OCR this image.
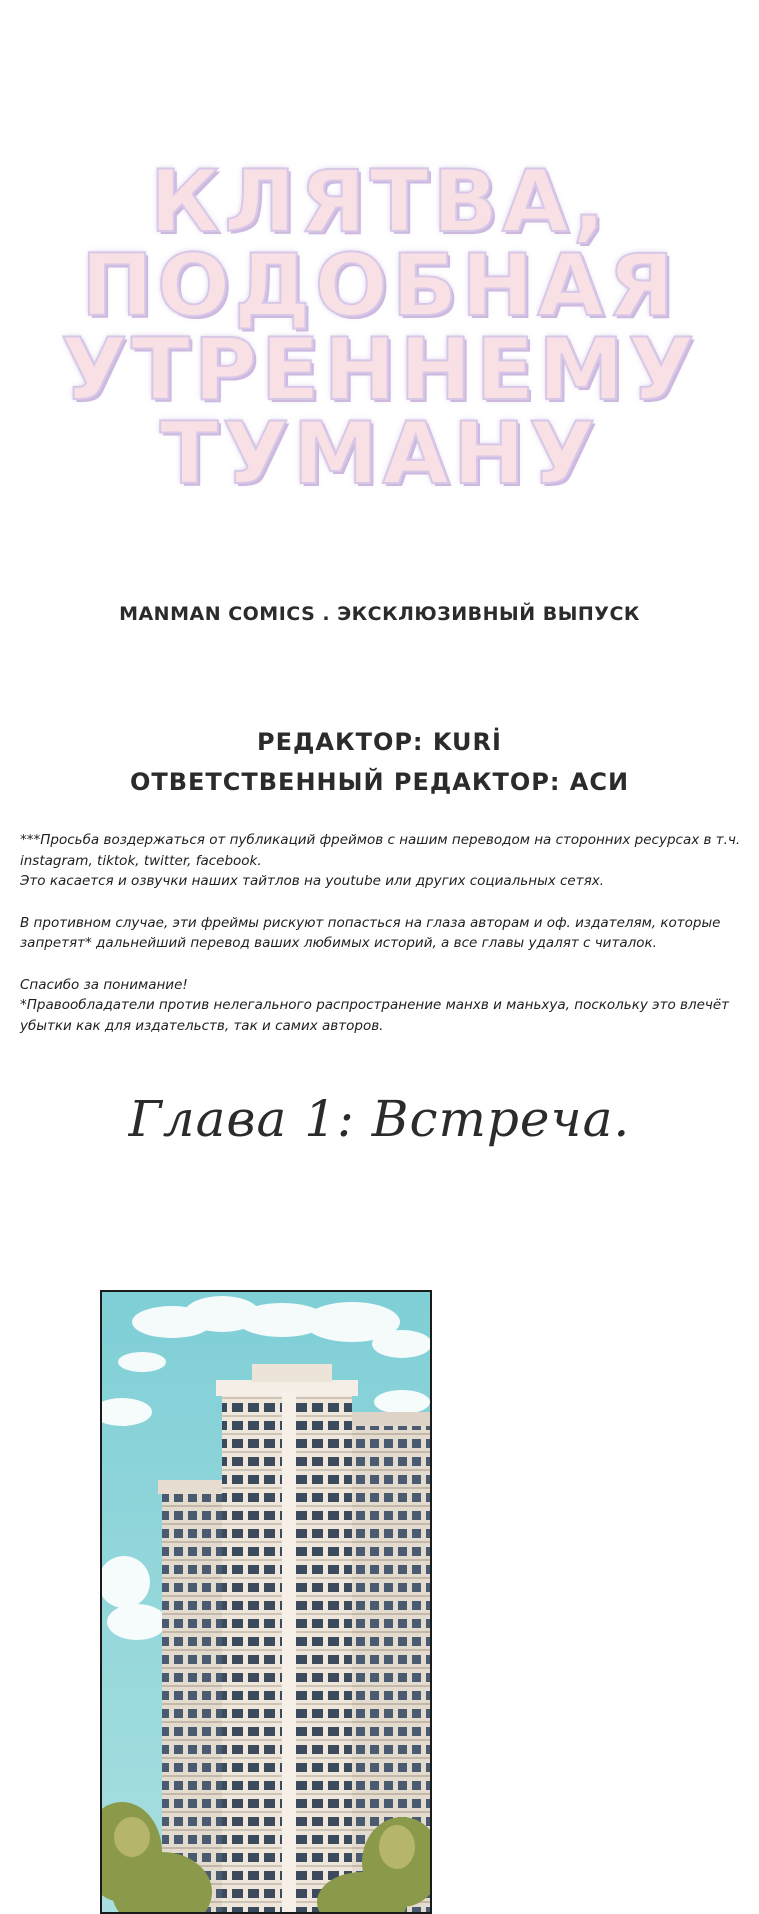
КЛЯТВА,
ПОДОБНАЯ
УТРЕННЕМУ
ТУМАНУ
MANMAN COMICS . ЭКСКЛЮЗИВНЫЙ ВЫПУСК
РЕДАКТОР: KURİ
ОТВЕТСТВЕННЫЙ РЕДАКТОР: АСИ

***Просьба воздержаться от публикаций фреймов с нашим переводом на сторонних ресурсах в т.ч. instagram, tiktok, twitter, facebook.

Это касается и озвучки наших тайтлов на youtube или других социальных сетях.

В противном случае, эти фреймы рискуют попасться на глаза авторам и оф. издателям, которые запретят* дальнейший перевод ваших любимых историй, а все главы удалят с читалок.

Спасибо за понимание!

*Правообладатели против нелегального распространение манхв и маньхуа, поскольку это влечёт убытки как для издательств, так и самих авторов.

Глава 1: Встреча.
